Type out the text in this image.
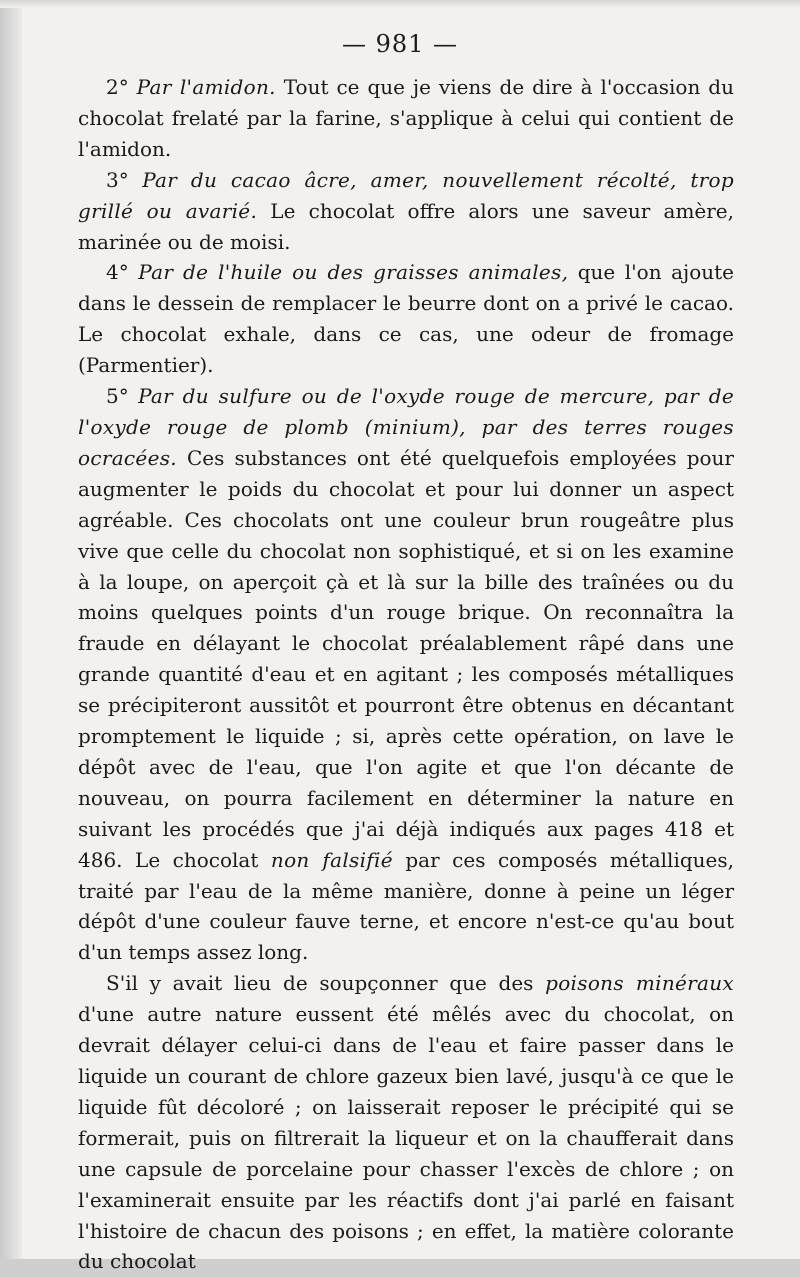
— 981 —

2° Par l'amidon. Tout ce que je viens de dire à l'occasion du chocolat frelaté par la farine, s'applique à celui qui contient de l'amidon.

3° Par du cacao âcre, amer, nouvellement récolté, trop grillé ou avarié. Le chocolat offre alors une saveur amère, marinée ou de moisi.

4° Par de l'huile ou des graisses animales, que l'on ajoute dans le dessein de remplacer le beurre dont on a privé le cacao. Le chocolat exhale, dans ce cas, une odeur de fromage (Parmentier).

5° Par du sulfure ou de l'oxyde rouge de mercure, par de l'oxyde rouge de plomb (minium), par des terres rouges ocracées. Ces substances ont été quelquefois employées pour augmenter le poids du chocolat et pour lui donner un aspect agréable. Ces chocolats ont une couleur brun rougeâtre plus vive que celle du chocolat non sophistiqué, et si on les examine à la loupe, on aperçoit çà et là sur la bille des traînées ou du moins quelques points d'un rouge brique. On reconnaîtra la fraude en délayant le chocolat préalablement râpé dans une grande quantité d'eau et en agitant ; les composés métalliques se précipiteront aussitôt et pourront être obtenus en décantant promptement le liquide ; si, après cette opération, on lave le dépôt avec de l'eau, que l'on agite et que l'on décante de nouveau, on pourra facilement en déterminer la nature en suivant les procédés que j'ai déjà indiqués aux pages 418 et 486. Le chocolat non falsifié par ces composés métalliques, traité par l'eau de la même manière, donne à peine un léger dépôt d'une couleur fauve terne, et encore n'est-ce qu'au bout d'un temps assez long.

S'il y avait lieu de soupçonner que des poisons minéraux d'une autre nature eussent été mêlés avec du chocolat, on devrait délayer celui-ci dans de l'eau et faire passer dans le liquide un courant de chlore gazeux bien lavé, jusqu'à ce que le liquide fût décoloré ; on laisserait reposer le précipité qui se formerait, puis on filtrerait la liqueur et on la chaufferait dans une capsule de porcelaine pour chasser l'excès de chlore ; on l'examinerait ensuite par les réactifs dont j'ai parlé en faisant l'histoire de chacun des poisons ; en effet, la matière colorante du chocolat
